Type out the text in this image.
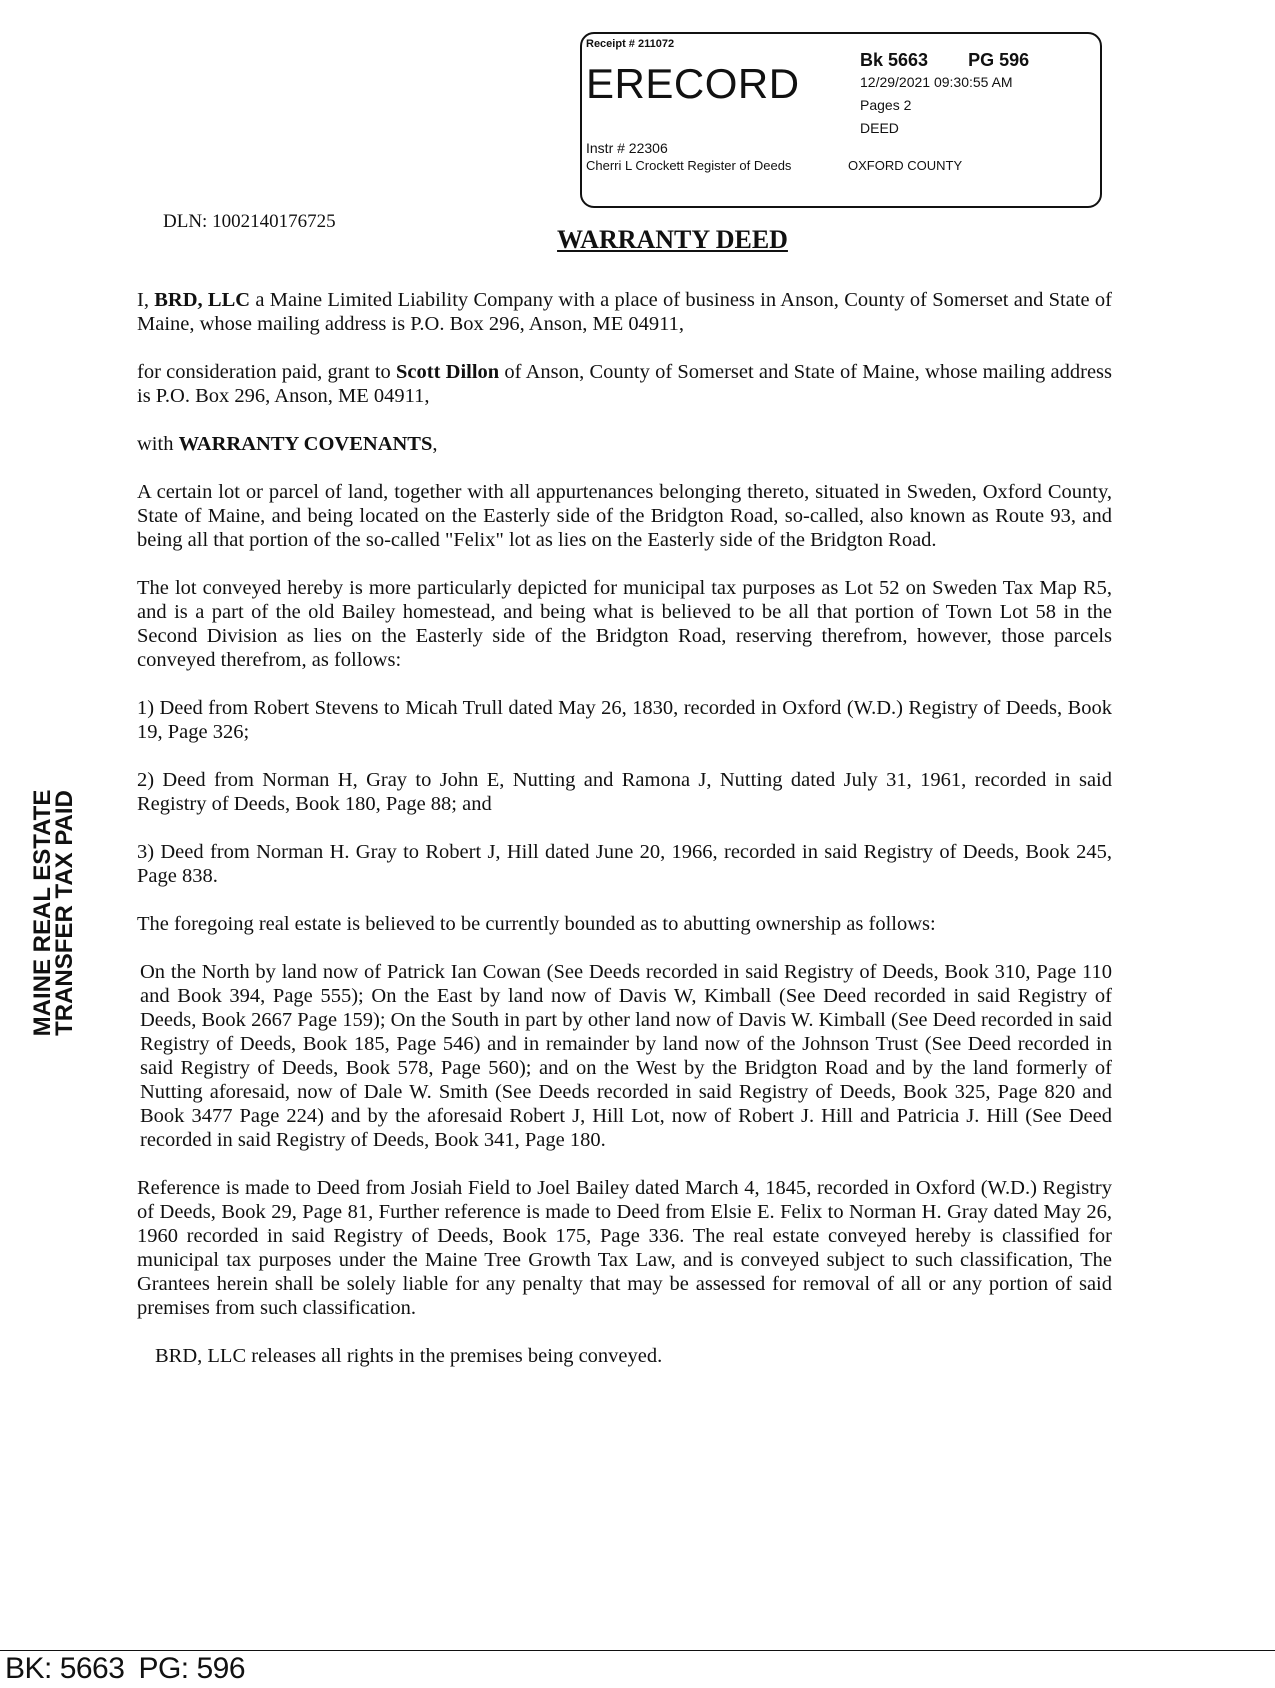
Receipt # 211072
ERECORD	Bk 5663 PG 596
12/29/2021 09:30:55 AM
Pages 2
DEED
Instr # 22306
Cherri L Crockett Register of Deeds	OXFORD COUNTY
DLN: 1002140176725
WARRANTY DEED
MAINE REAL ESTATE
TRANSFER TAX PAID

I, BRD, LLC a Maine Limited Liability Company with a place of business in Anson, County of Somerset and State of Maine, whose mailing address is P.O. Box 296, Anson, ME 04911,

for consideration paid, grant to Scott Dillon of Anson, County of Somerset and State of Maine, whose mailing address is P.O. Box 296, Anson, ME 04911,

with WARRANTY COVENANTS,

A certain lot or parcel of land, together with all appurtenances belonging thereto, situated in Sweden, Oxford County, State of Maine, and being located on the Easterly side of the Bridgton Road, so-called, also known as Route 93, and being all that portion of the so-called "Felix" lot as lies on the Easterly side of the Bridgton Road.

The lot conveyed hereby is more particularly depicted for municipal tax purposes as Lot 52 on Sweden Tax Map R5, and is a part of the old Bailey homestead, and being what is believed to be all that portion of Town Lot 58 in the Second Division as lies on the Easterly side of the Bridgton Road, reserving therefrom, however, those parcels conveyed therefrom, as follows:

1) Deed from Robert Stevens to Micah Trull dated May 26, 1830, recorded in Oxford (W.D.) Registry of Deeds, Book 19, Page 326;

2) Deed from Norman H, Gray to John E, Nutting and Ramona J, Nutting dated July 31, 1961, recorded in said Registry of Deeds, Book 180, Page 88; and

3) Deed from Norman H. Gray to Robert J, Hill dated June 20, 1966, recorded in said Registry of Deeds, Book 245, Page 838.

The foregoing real estate is believed to be currently bounded as to abutting ownership as follows:

On the North by land now of Patrick Ian Cowan (See Deeds recorded in said Registry of Deeds, Book 310, Page 110 and Book 394, Page 555); On the East by land now of Davis W, Kimball (See Deed recorded in said Registry of Deeds, Book 2667 Page 159); On the South in part by other land now of Davis W. Kimball (See Deed recorded in said Registry of Deeds, Book 185, Page 546) and in remainder by land now of the Johnson Trust (See Deed recorded in said Registry of Deeds, Book 578, Page 560); and on the West by the Bridgton Road and by the land formerly of Nutting aforesaid, now of Dale W. Smith (See Deeds recorded in said Registry of Deeds, Book 325, Page 820 and Book 3477 Page 224) and by the aforesaid Robert J, Hill Lot, now of Robert J. Hill and Patricia J. Hill (See Deed recorded in said Registry of Deeds, Book 341, Page 180.

Reference is made to Deed from Josiah Field to Joel Bailey dated March 4, 1845, recorded in Oxford (W.D.) Registry of Deeds, Book 29, Page 81, Further reference is made to Deed from Elsie E. Felix to Norman H. Gray dated May 26, 1960 recorded in said Registry of Deeds, Book 175, Page 336. The real estate conveyed hereby is classified for municipal tax purposes under the Maine Tree Growth Tax Law, and is conveyed subject to such classification, The Grantees herein shall be solely liable for any penalty that may be assessed for removal of all or any portion of said premises from such classification.

BRD, LLC releases all rights in the premises being conveyed.

BK: 5663 PG: 596
